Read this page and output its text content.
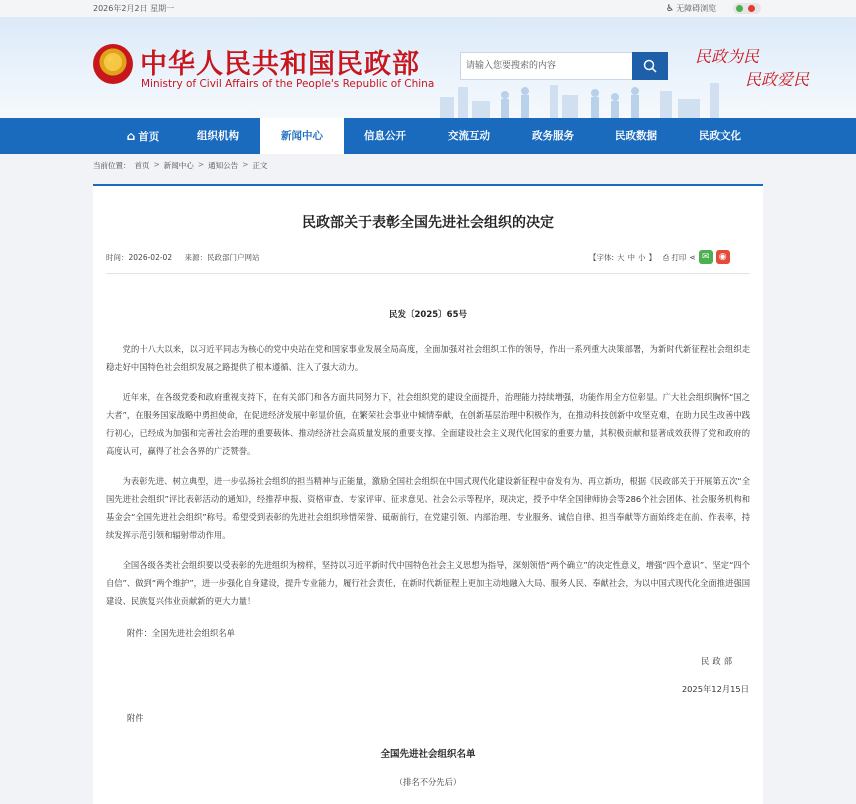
2026年2月2日 星期一	♿ 无障碍浏览
★ 中华人民共和国民政部
Ministry of Civil Affairs of the People's Republic of China
请输入您要搜索的内容
民政为民
民政爱民
⌂ 首页	组织机构	新闻中心	信息公开	交流互动	政务服务	民政数据	民政文化
当前位置： 首页 > 新闻中心 > 通知公告 > 正文
民政部关于表彰全国先进社会组织的决定
时间：2026-02-02 来源：民政部门户网站	【字体: 大 中 小 】 ⎙ 打印 ⋖ ✉	◉
民发〔2025〕65号

党的十八大以来，以习近平同志为核心的党中央站在党和国家事业发展全局高度，全面加强对社会组织工作的领导，作出一系列重大决策部署，为新时代新征程社会组织走稳走好中国特色社会组织发展之路提供了根本遵循、注入了强大动力。

近年来，在各级党委和政府重视支持下，在有关部门和各方面共同努力下，社会组织党的建设全面提升，治理能力持续增强，功能作用全方位彰显。广大社会组织胸怀“国之大者”，在服务国家战略中勇担使命，在促进经济发展中彰显价值，在繁荣社会事业中倾情奉献，在创新基层治理中积极作为，在推动科技创新中攻坚克难，在助力民生改善中践行初心，已经成为加强和完善社会治理的重要载体、推动经济社会高质量发展的重要支撑、全面建设社会主义现代化国家的重要力量，其积极贡献和显著成效获得了党和政府的高度认可，赢得了社会各界的广泛赞誉。

为表彰先进、树立典型，进一步弘扬社会组织的担当精神与正能量，激励全国社会组织在中国式现代化建设新征程中奋发有为、再立新功，根据《民政部关于开展第五次“全国先进社会组织”评比表彰活动的通知》，经推荐申报、资格审查、专家评审、征求意见、社会公示等程序，现决定，授予中华全国律师协会等286个社会团体、社会服务机构和基金会“全国先进社会组织”称号。希望受到表彰的先进社会组织珍惜荣誉、砥砺前行，在党建引领、内部治理、专业服务、诚信自律、担当奉献等方面始终走在前、作表率，持续发挥示范引领和辐射带动作用。

全国各级各类社会组织要以受表彰的先进组织为榜样，坚持以习近平新时代中国特色社会主义思想为指导，深刻领悟“两个确立”的决定性意义，增强“四个意识”、坚定“四个自信”、做到“两个维护”，进一步强化自身建设，提升专业能力，履行社会责任，在新时代新征程上更加主动地融入大局、服务人民、奉献社会，为以中国式现代化全面推进强国建设、民族复兴伟业贡献新的更大力量！

附件：全国先进社会组织名单
民政部
2025年12月15日
附件
全国先进社会组织名单
（排名不分先后）
